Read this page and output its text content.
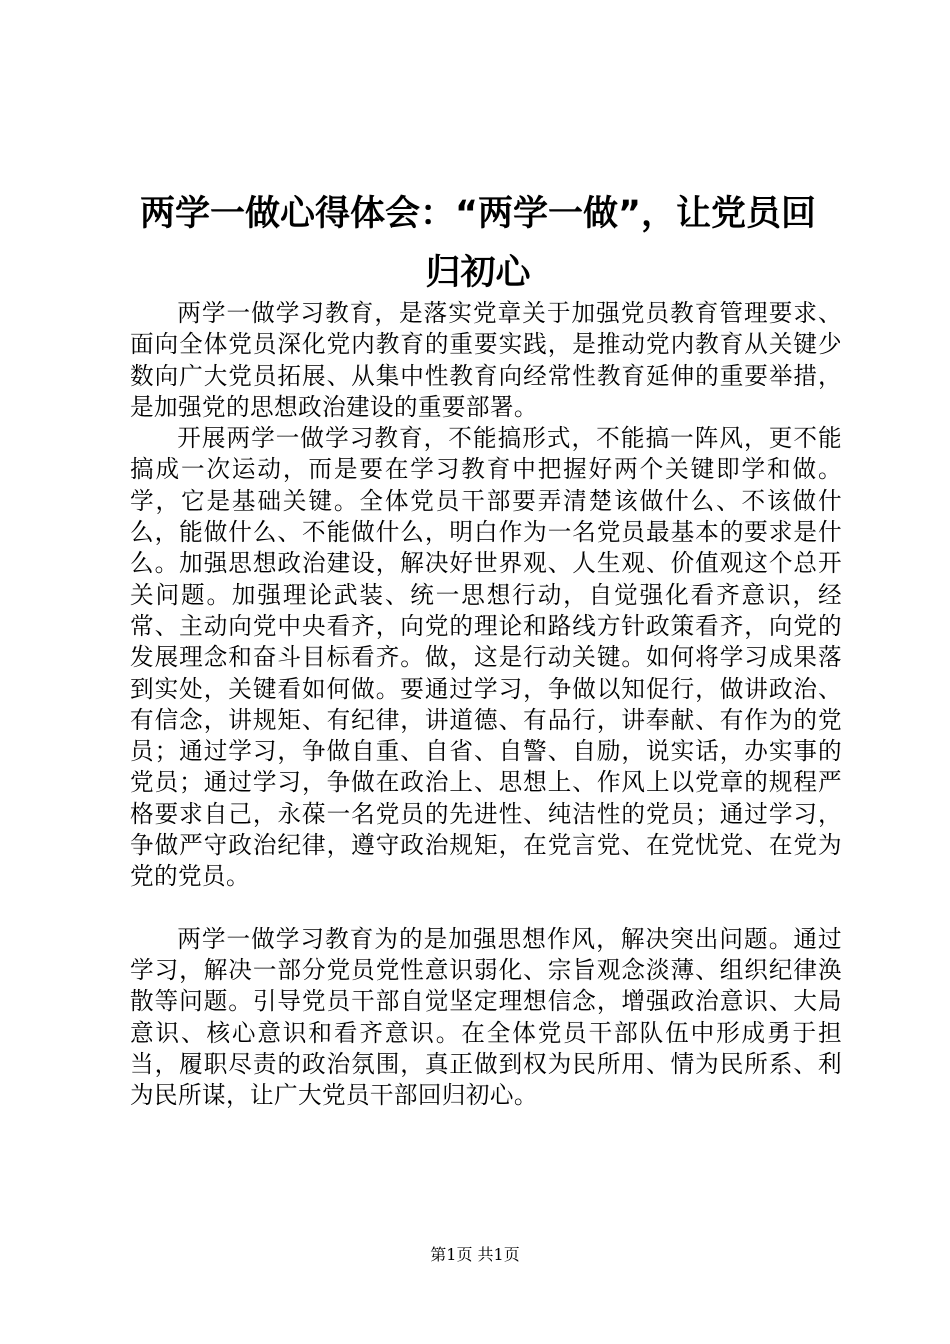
两学一做心得体会：“两学一做”，让党员回归初心

两学一做学习教育，是落实党章关于加强党员教育管理要求、面向全体党员深化党内教育的重要实践，是推动党内教育从关键少数向广大党员拓展、从集中性教育向经常性教育延伸的重要举措，是加强党的思想政治建设的重要部署。

开展两学一做学习教育，不能搞形式，不能搞一阵风，更不能搞成一次运动，而是要在学习教育中把握好两个关键即学和做。学，它是基础关键。全体党员干部要弄清楚该做什么、不该做什么，能做什么、不能做什么，明白作为一名党员最基本的要求是什么。加强思想政治建设，解决好世界观、人生观、价值观这个总开关问题。加强理论武装、统一思想行动，自觉强化看齐意识，经常、主动向党中央看齐，向党的理论和路线方针政策看齐，向党的发展理念和奋斗目标看齐。做，这是行动关键。如何将学习成果落到实处，关键看如何做。要通过学习，争做以知促行，做讲政治、有信念，讲规矩、有纪律，讲道德、有品行，讲奉献、有作为的党员；通过学习，争做自重、自省、自警、自励，说实话，办实事的党员；通过学习，争做在政治上、思想上、作风上以党章的规程严格要求自己，永葆一名党员的先进性、纯洁性的党员；通过学习，争做严守政治纪律，遵守政治规矩，在党言党、在党忧党、在党为党的党员。

两学一做学习教育为的是加强思想作风，解决突出问题。通过学习，解决一部分党员党性意识弱化、宗旨观念淡薄、组织纪律涣散等问题。引导党员干部自觉坚定理想信念，增强政治意识、大局意识、核心意识和看齐意识。在全体党员干部队伍中形成勇于担当，履职尽责的政治氛围，真正做到权为民所用、情为民所系、利为民所谋，让广大党员干部回归初心。

第1页 共1页
